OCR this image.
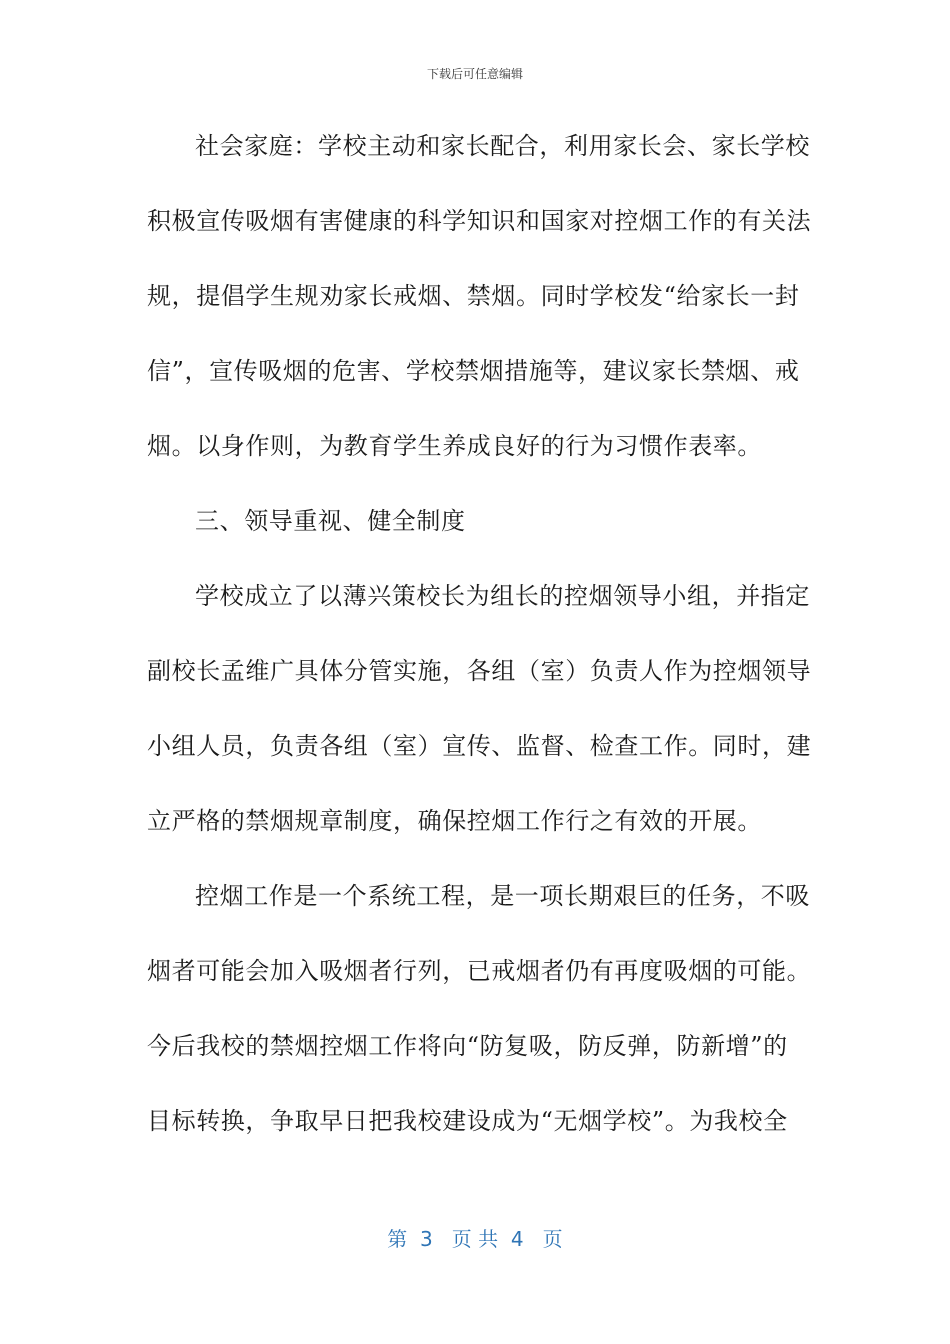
下载后可任意编辑
社会家庭：学校主动和家长配合，利用家长会、家长学校
积极宣传吸烟有害健康的科学知识和国家对控烟工作的有关法
规，提倡学生规劝家长戒烟、禁烟。同时学校发“给家长一封
信”，宣传吸烟的危害、学校禁烟措施等，建议家长禁烟、戒
烟。以身作则，为教育学生养成良好的行为习惯作表率。
三、领导重视、健全制度
学校成立了以薄兴策校长为组长的控烟领导小组，并指定
副校长孟维广具体分管实施，各组（室）负责人作为控烟领导
小组人员，负责各组（室）宣传、监督、检查工作。同时，建
立严格的禁烟规章制度，确保控烟工作行之有效的开展。
控烟工作是一个系统工程，是一项长期艰巨的任务，不吸
烟者可能会加入吸烟者行列，已戒烟者仍有再度吸烟的可能。
今后我校的禁烟控烟工作将向“防复吸，防反弹，防新增”的
目标转换，争取早日把我校建设成为“无烟学校”。为我校全
第  3   页 共  4   页
